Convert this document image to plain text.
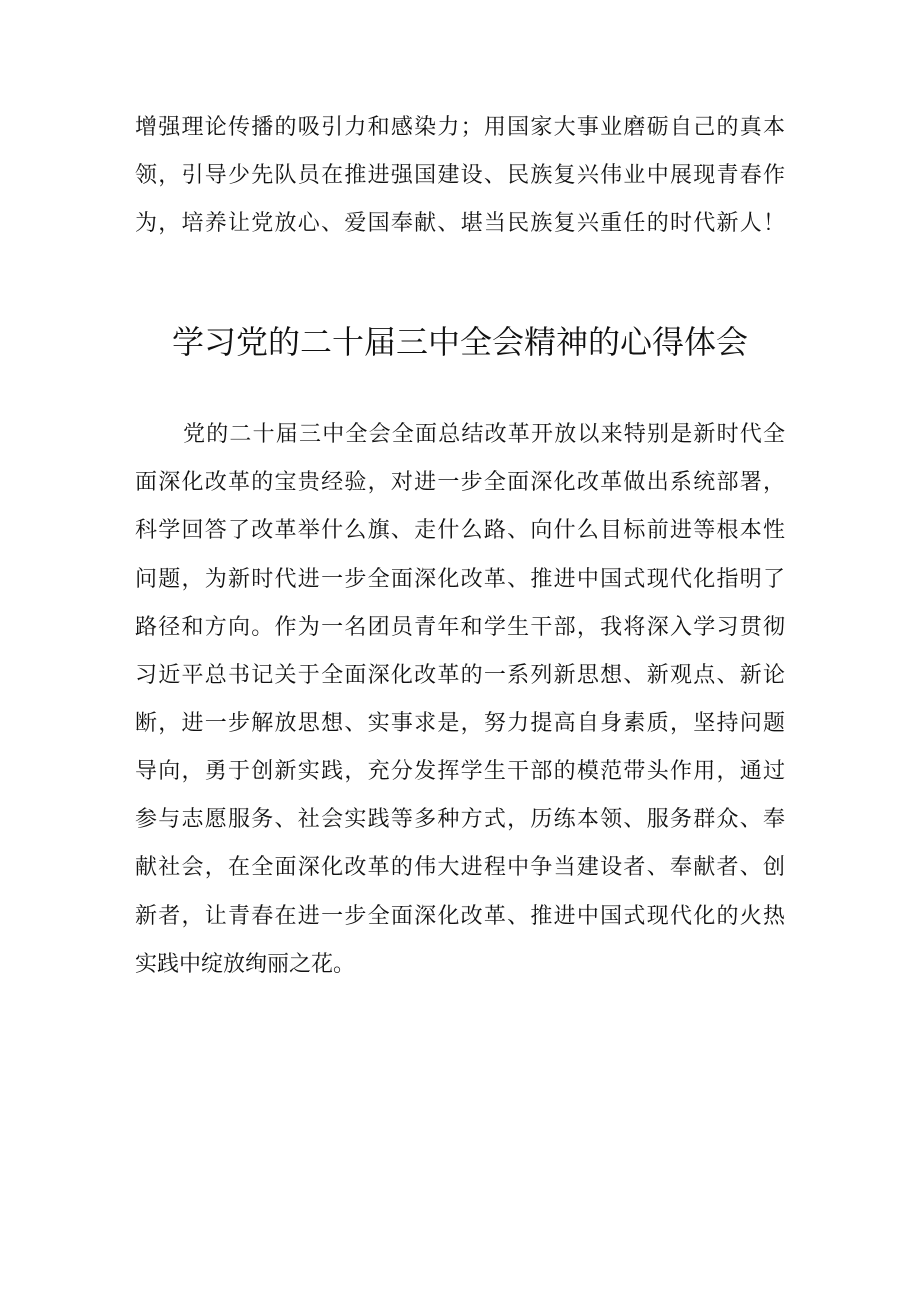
增强理论传播的吸引力和感染力；用国家大事业磨砺自己的真本
领，引导少先队员在推进强国建设、民族复兴伟业中展现青春作
为，培养让党放心、爱国奉献、堪当民族复兴重任的时代新人！
学习党的二十届三中全会精神的心得体会
党的二十届三中全会全面总结改革开放以来特别是新时代全
面深化改革的宝贵经验，对进一步全面深化改革做出系统部署，
科学回答了改革举什么旗、走什么路、向什么目标前进等根本性
问题，为新时代进一步全面深化改革、推进中国式现代化指明了
路径和方向。作为一名团员青年和学生干部，我将深入学习贯彻
习近平总书记关于全面深化改革的一系列新思想、新观点、新论
断，进一步解放思想、实事求是，努力提高自身素质，坚持问题
导向，勇于创新实践，充分发挥学生干部的模范带头作用，通过
参与志愿服务、社会实践等多种方式，历练本领、服务群众、奉
献社会，在全面深化改革的伟大进程中争当建设者、奉献者、创
新者，让青春在进一步全面深化改革、推进中国式现代化的火热
实践中绽放绚丽之花。
